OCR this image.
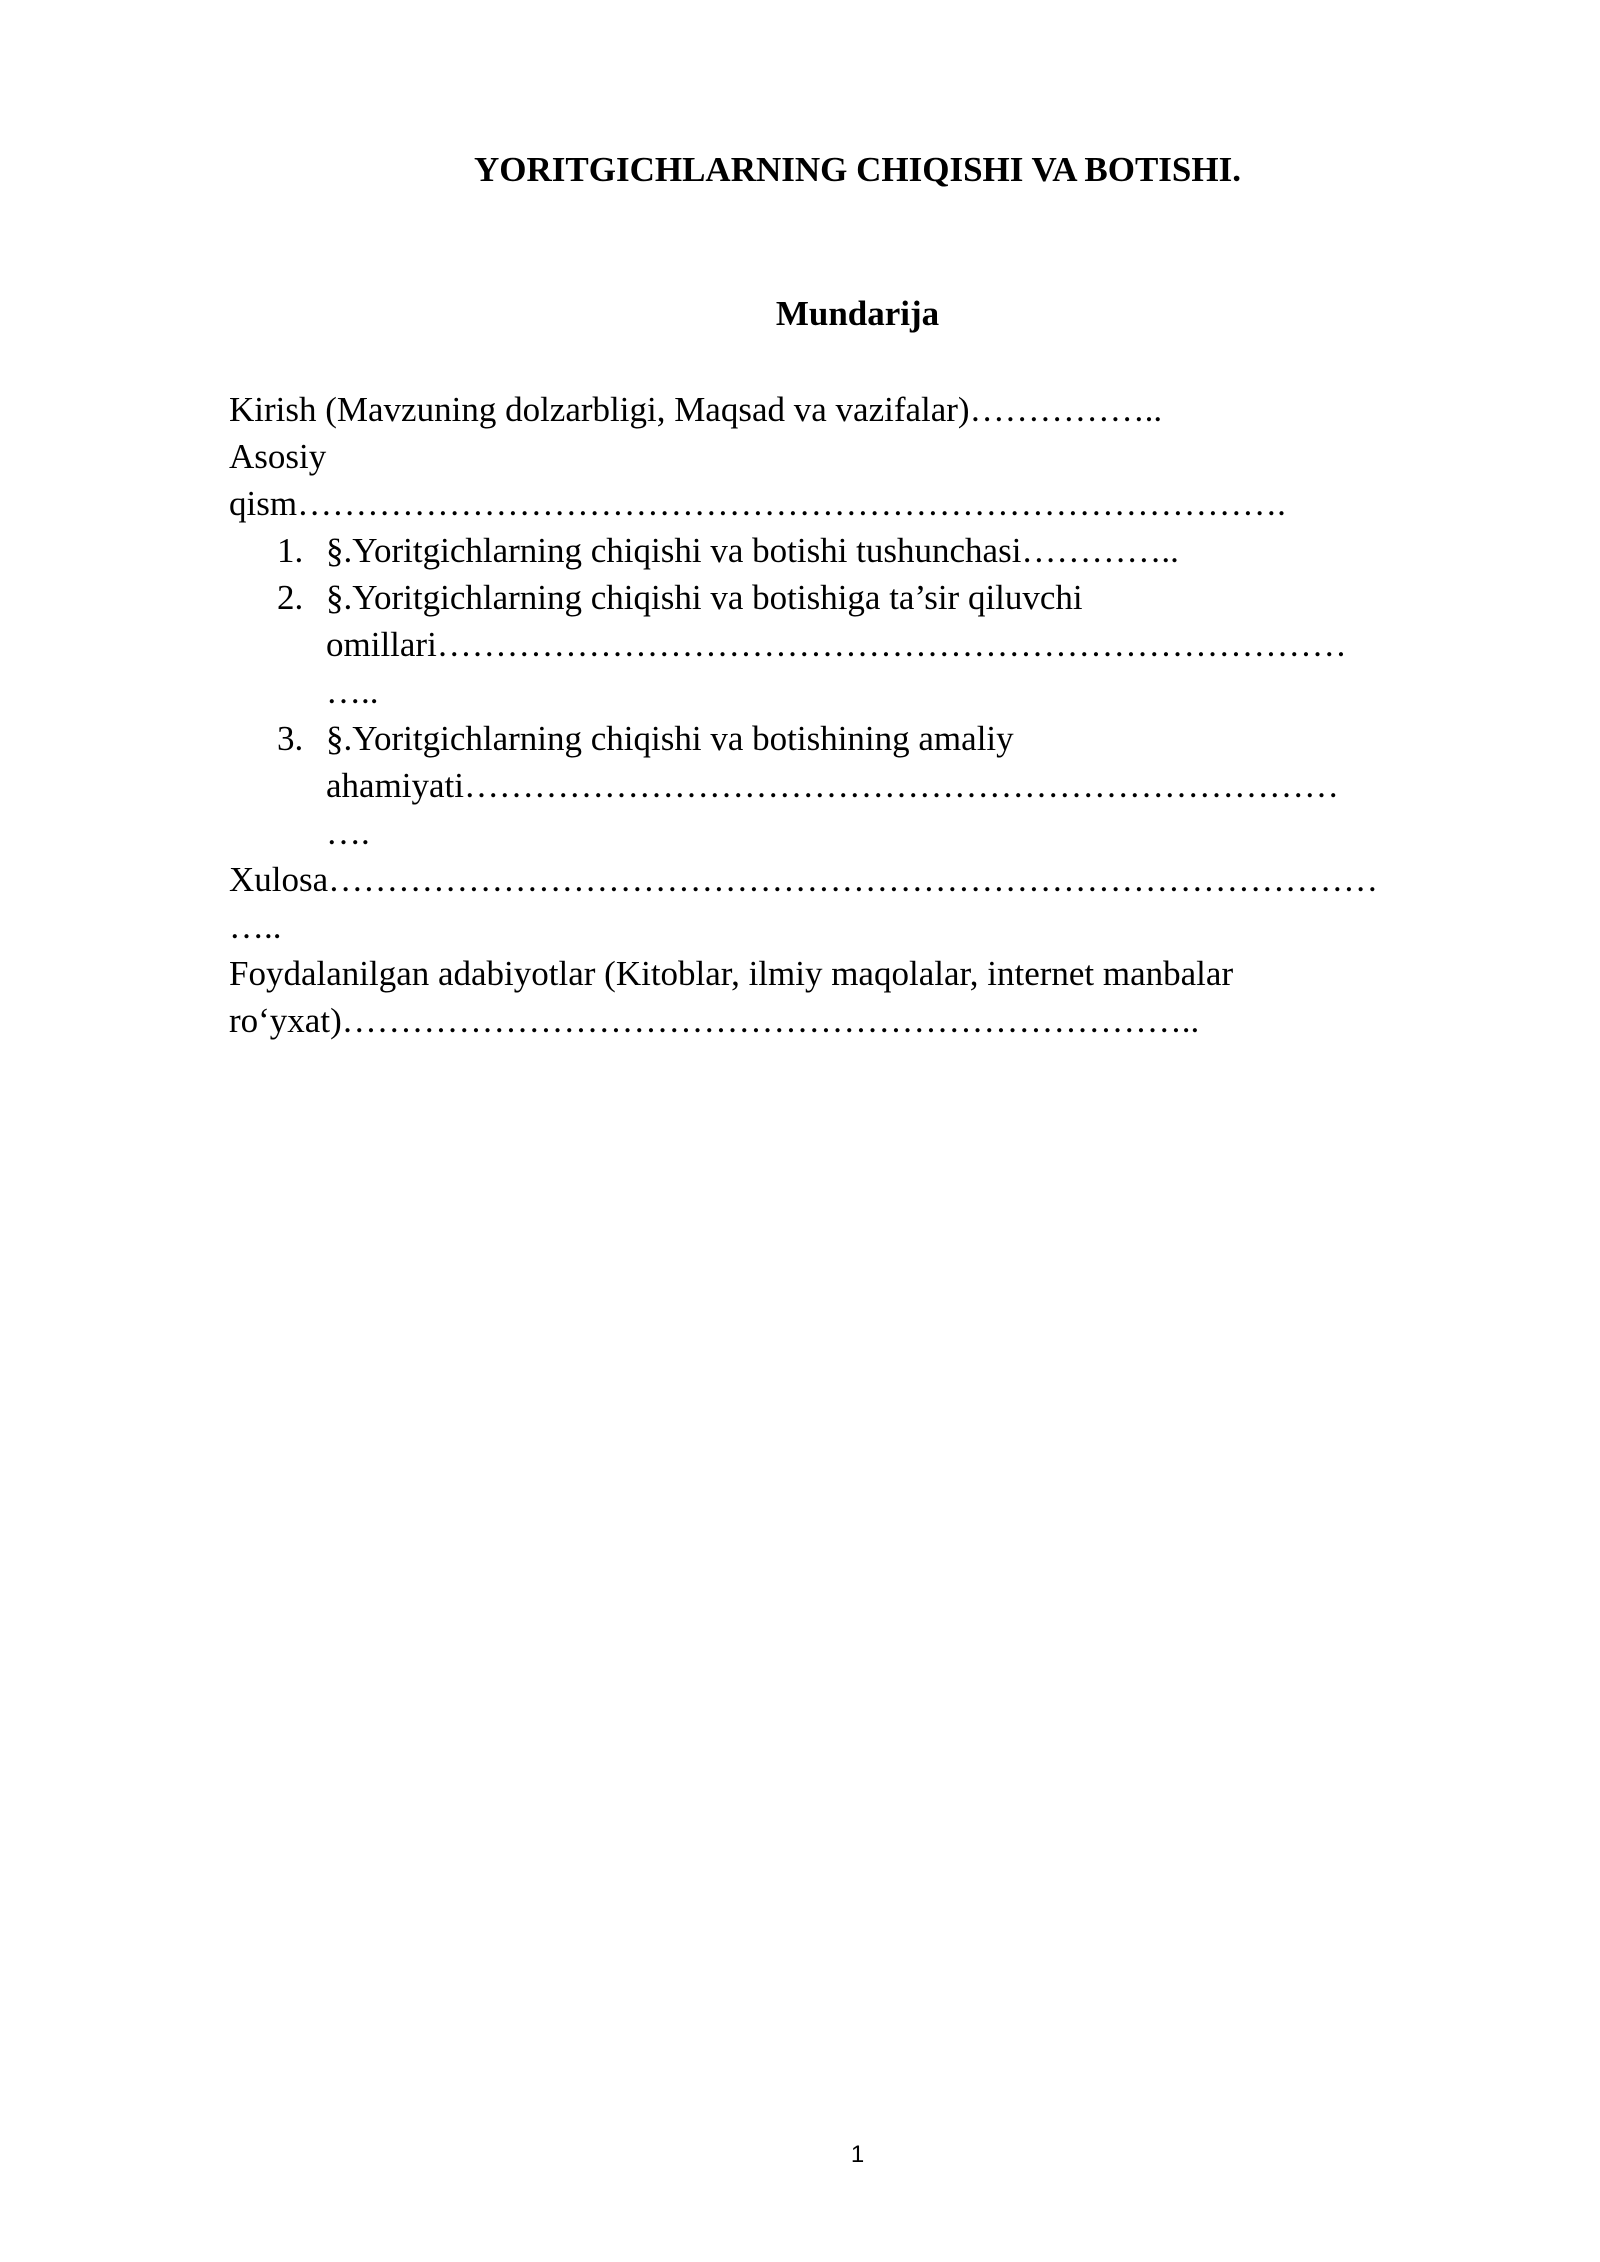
YORITGICHLARNING CHIQISHI VA BOTISHI.
Mundarija
Kirish (Mavzuning dolzarbligi, Maqsad va vazifalar)……………..
Asosiy
qism………………………………………………………………………….
1. §.Yoritgichlarning chiqishi va botishi tushunchasi…………..
2. §.Yoritgichlarning chiqishi va botishiga ta’sir qiluvchi
omillari……………………………………………………………………
…..
3. §.Yoritgichlarning chiqishi va botishining amaliy
ahamiyati…………………………………………………………………
….
Xulosa………………………………………………………………………………
…..
Foydalanilgan adabiyotlar (Kitoblar, ilmiy maqolalar, internet manbalar
ro‘yxat)………………………………………………………………..
1
